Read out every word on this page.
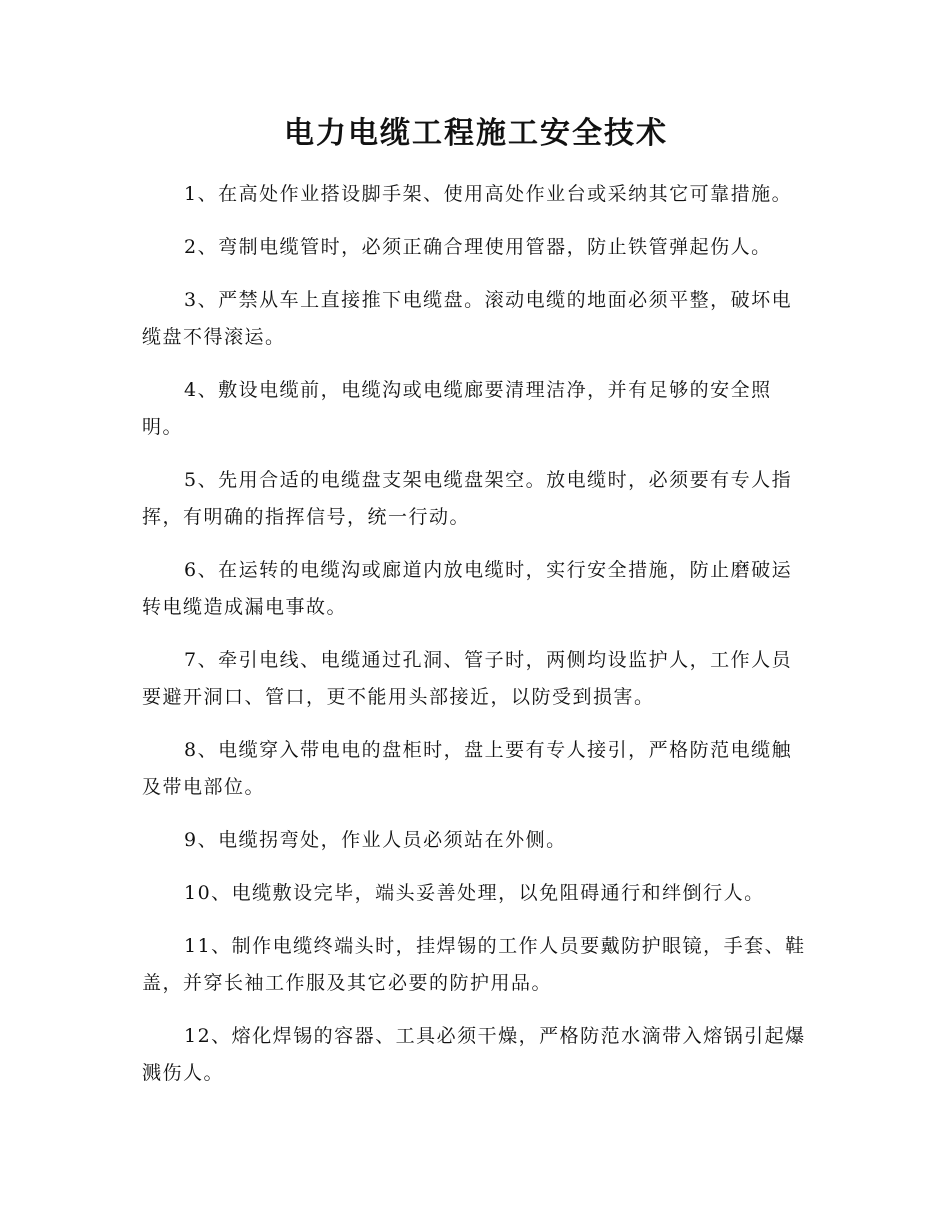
电力电缆工程施工安全技术

1、在高处作业搭设脚手架、使用高处作业台或采纳其它可靠措施。

2、弯制电缆管时，必须正确合理使用管器，防止铁管弹起伤人。

3、严禁从车上直接推下电缆盘。滚动电缆的地面必须平整，破坏电缆盘不得滚运。

4、敷设电缆前，电缆沟或电缆廊要清理洁净，并有足够的安全照明。

5、先用合适的电缆盘支架电缆盘架空。放电缆时，必须要有专人指挥，有明确的指挥信号，统一行动。

6、在运转的电缆沟或廊道内放电缆时，实行安全措施，防止磨破运转电缆造成漏电事故。

7、牵引电线、电缆通过孔洞、管子时，两侧均设监护人，工作人员要避开洞口、管口，更不能用头部接近，以防受到损害。

8、电缆穿入带电电的盘柜时，盘上要有专人接引，严格防范电缆触及带电部位。

9、电缆拐弯处，作业人员必须站在外侧。

10、电缆敷设完毕，端头妥善处理，以免阻碍通行和绊倒行人。

11、制作电缆终端头时，挂焊锡的工作人员要戴防护眼镜，手套、鞋盖，并穿长袖工作服及其它必要的防护用品。

12、熔化焊锡的容器、工具必须干燥，严格防范水滴带入熔锅引起爆溅伤人。
